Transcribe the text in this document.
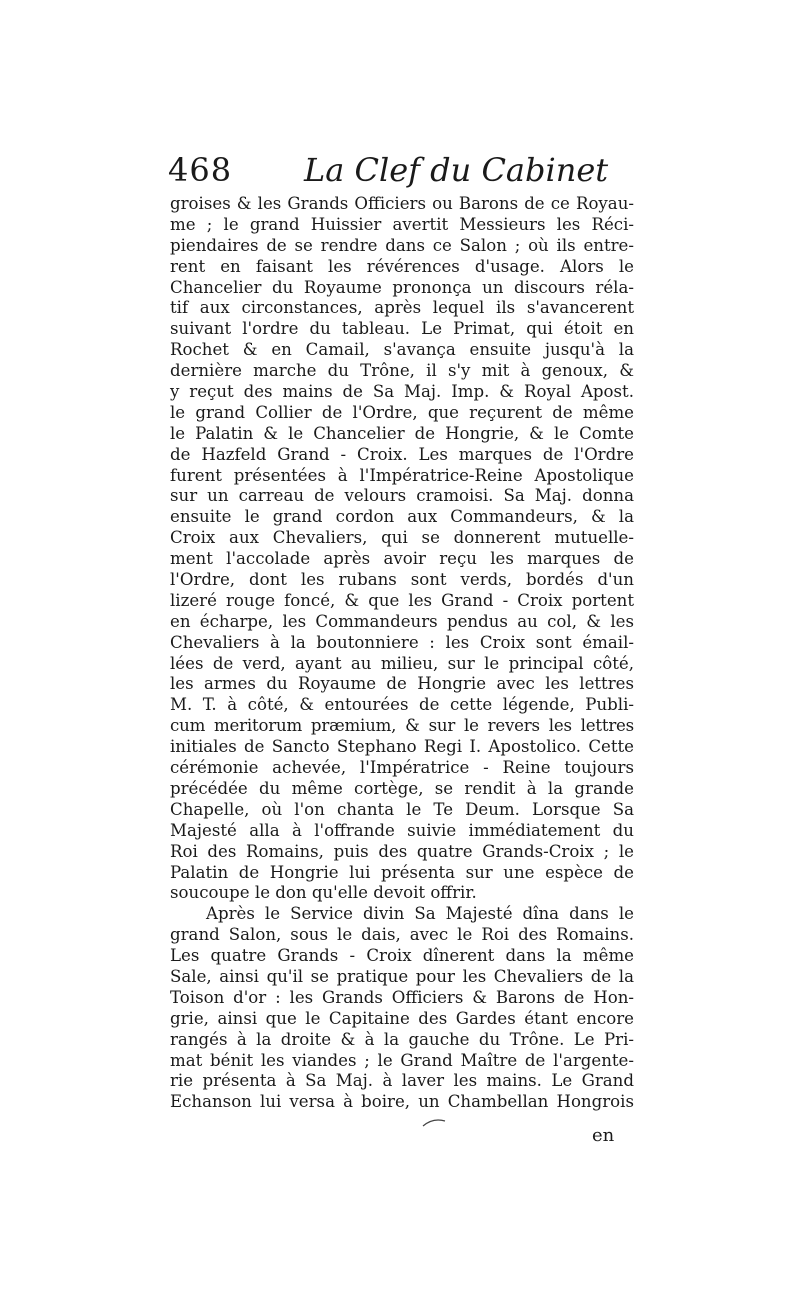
468 La Clef du Cabinet
groises & les Grands Officiers ou Barons de ce Royau-
me ; le grand Huissier avertit Messieurs les Réci-
piendaires de se rendre dans ce Salon ; où ils entre-
rent en faisant les révérences d'usage. Alors le
Chancelier du Royaume prononça un discours réla-
tif aux circonstances, après lequel ils s'avancerent
suivant l'ordre du tableau. Le Primat, qui étoit en
Rochet & en Camail, s'avança ensuite jusqu'à la
dernière marche du Trône, il s'y mit à genoux, &
y reçut des mains de Sa Maj. Imp. & Royal Apost.
le grand Collier de l'Ordre, que reçurent de même
le Palatin & le Chancelier de Hongrie, & le Comte
de Hazfeld Grand - Croix. Les marques de l'Ordre
furent présentées à l'Impératrice-Reine Apostolique
sur un carreau de velours cramoisi. Sa Maj. donna
ensuite le grand cordon aux Commandeurs, & la
Croix aux Chevaliers, qui se donnerent mutuelle-
ment l'accolade après avoir reçu les marques de
l'Ordre, dont les rubans sont verds, bordés d'un
lizeré rouge foncé, & que les Grand - Croix portent
en écharpe, les Commandeurs pendus au col, & les
Chevaliers à la boutonniere : les Croix sont émail-
lées de verd, ayant au milieu, sur le principal côté,
les armes du Royaume de Hongrie avec les lettres
M. T. à côté, & entourées de cette légende, Publi-
cum meritorum præmium, & sur le revers les lettres
initiales de Sancto Stephano Regi I. Apostolico. Cette
cérémonie achevée, l'Impératrice - Reine toujours
précédée du même cortège, se rendit à la grande
Chapelle, où l'on chanta le Te Deum. Lorsque Sa
Majesté alla à l'offrande suivie immédiatement du
Roi des Romains, puis des quatre Grands-Croix ; le
Palatin de Hongrie lui présenta sur une espèce de
soucoupe le don qu'elle devoit offrir.
Après le Service divin Sa Majesté dîna dans le
grand Salon, sous le dais, avec le Roi des Romains.
Les quatre Grands - Croix dînerent dans la même
Sale, ainsi qu'il se pratique pour les Chevaliers de la
Toison d'or : les Grands Officiers & Barons de Hon-
grie, ainsi que le Capitaine des Gardes étant encore
rangés à la droite & à la gauche du Trône. Le Pri-
mat bénit les viandes ; le Grand Maître de l'argente-
rie présenta à Sa Maj. à laver les mains. Le Grand
Echanson lui versa à boire, un Chambellan Hongrois
en
